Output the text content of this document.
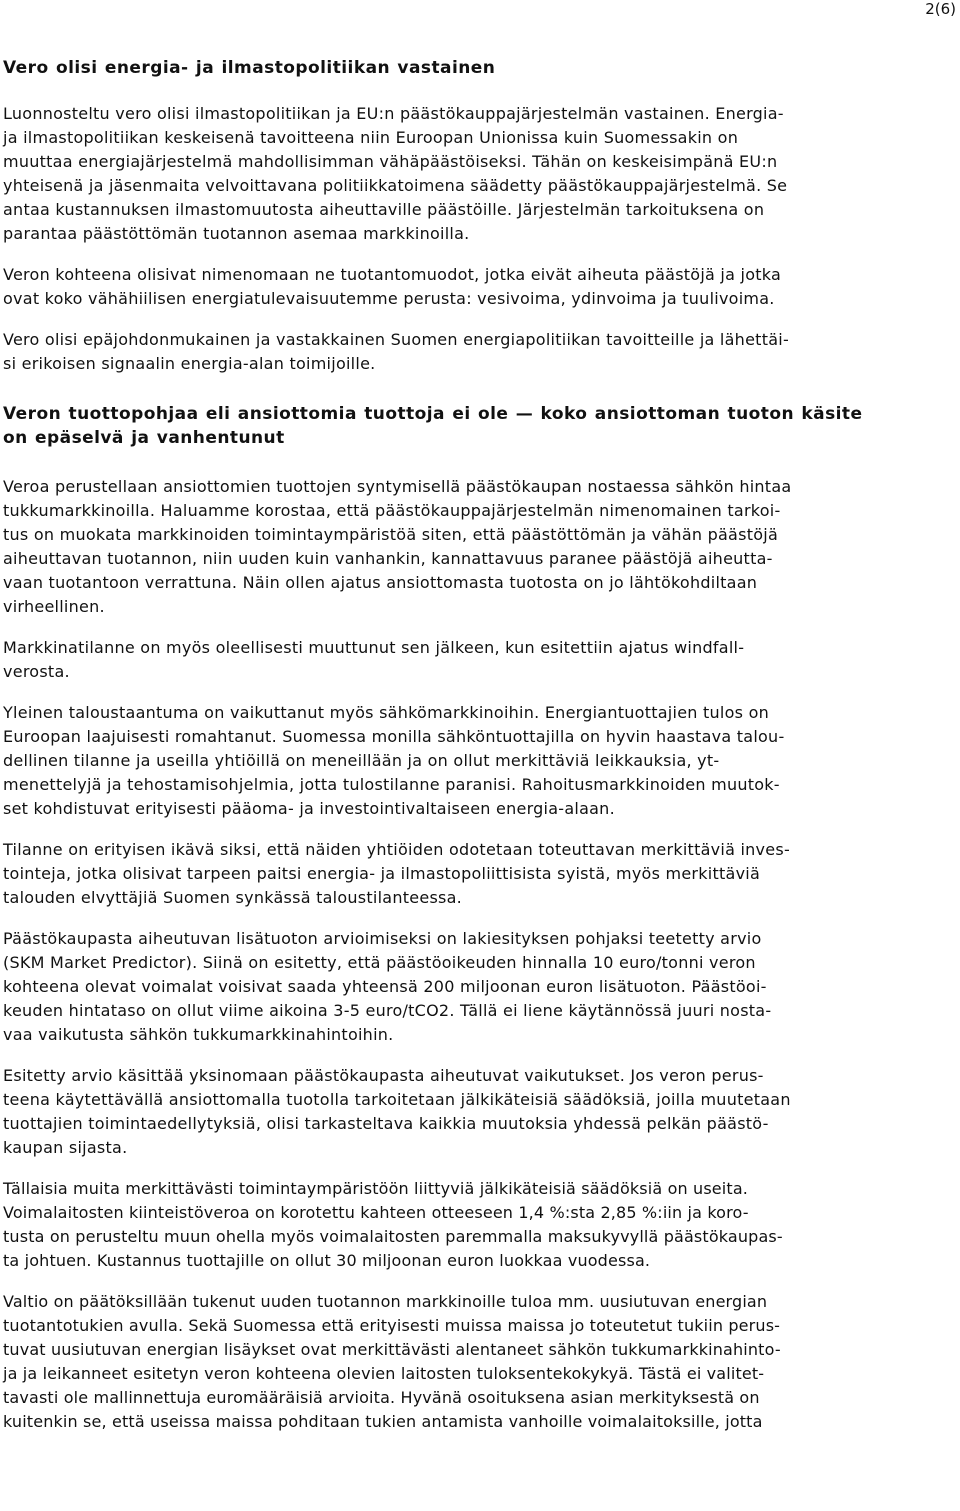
2(6)
Vero olisi energia- ja ilmastopolitiikan vastainen

Luonnosteltu vero olisi ilmastopolitiikan ja EU:n päästökauppajärjestelmän vastainen. Energia-
ja ilmastopolitiikan keskeisenä tavoitteena niin Euroopan Unionissa kuin Suomessakin on
muuttaa energiajärjestelmä mahdollisimman vähäpäästöiseksi. Tähän on keskeisimpänä EU:n
yhteisenä ja jäsenmaita velvoittavana politiikkatoimena säädetty päästökauppajärjestelmä. Se
antaa kustannuksen ilmastomuutosta aiheuttaville päästöille. Järjestelmän tarkoituksena on
parantaa päästöttömän tuotannon asemaa markkinoilla.

Veron kohteena olisivat nimenomaan ne tuotantomuodot, jotka eivät aiheuta päästöjä ja jotka
ovat koko vähähiilisen energiatulevaisuutemme perusta: vesivoima, ydinvoima ja tuulivoima.

Vero olisi epäjohdonmukainen ja vastakkainen Suomen energiapolitiikan tavoitteille ja lähettäi-
si erikoisen signaalin energia-alan toimijoille.

Veron tuottopohjaa eli ansiottomia tuottoja ei ole — koko ansiottoman tuoton käsite
on epäselvä ja vanhentunut

Veroa perustellaan ansiottomien tuottojen syntymisellä päästökaupan nostaessa sähkön hintaa
tukkumarkkinoilla. Haluamme korostaa, että päästökauppajärjestelmän nimenomainen tarkoi-
tus on muokata markkinoiden toimintaympäristöä siten, että päästöttömän ja vähän päästöjä
aiheuttavan tuotannon, niin uuden kuin vanhankin, kannattavuus paranee päästöjä aiheutta-
vaan tuotantoon verrattuna. Näin ollen ajatus ansiottomasta tuotosta on jo lähtökohdiltaan
virheellinen.

Markkinatilanne on myös oleellisesti muuttunut sen jälkeen, kun esitettiin ajatus windfall-
verosta.

Yleinen taloustaantuma on vaikuttanut myös sähkömarkkinoihin. Energiantuottajien tulos on
Euroopan laajuisesti romahtanut. Suomessa monilla sähköntuottajilla on hyvin haastava talou-
dellinen tilanne ja useilla yhtiöillä on meneillään ja on ollut merkittäviä leikkauksia, yt-
menettelyjä ja tehostamisohjelmia, jotta tulostilanne paranisi. Rahoitusmarkkinoiden muutok-
set kohdistuvat erityisesti pääoma- ja investointivaltaiseen energia-alaan.

Tilanne on erityisen ikävä siksi, että näiden yhtiöiden odotetaan toteuttavan merkittäviä inves-
tointeja, jotka olisivat tarpeen paitsi energia- ja ilmastopoliittisista syistä, myös merkittäviä
talouden elvyttäjiä Suomen synkässä taloustilanteessa.

Päästökaupasta aiheutuvan lisätuoton arvioimiseksi on lakiesityksen pohjaksi teetetty arvio
(SKM Market Predictor). Siinä on esitetty, että päästöoikeuden hinnalla 10 euro/tonni veron
kohteena olevat voimalat voisivat saada yhteensä 200 miljoonan euron lisätuoton. Päästöoi-
keuden hintataso on ollut viime aikoina 3-5 euro/tCO2. Tällä ei liene käytännössä juuri nosta-
vaa vaikutusta sähkön tukkumarkkinahintoihin.

Esitetty arvio käsittää yksinomaan päästökaupasta aiheutuvat vaikutukset. Jos veron perus-
teena käytettävällä ansiottomalla tuotolla tarkoitetaan jälkikäteisiä säädöksiä, joilla muutetaan
tuottajien toimintaedellytyksiä, olisi tarkasteltava kaikkia muutoksia yhdessä pelkän päästö-
kaupan sijasta.

Tällaisia muita merkittävästi toimintaympäristöön liittyviä jälkikäteisiä säädöksiä on useita.
Voimalaitosten kiinteistöveroa on korotettu kahteen otteeseen 1,4 %:sta 2,85 %:iin ja koro-
tusta on perusteltu muun ohella myös voimalaitosten paremmalla maksukyvyllä päästökaupas-
ta johtuen. Kustannus tuottajille on ollut 30 miljoonan euron luokkaa vuodessa.

Valtio on päätöksillään tukenut uuden tuotannon markkinoille tuloa mm. uusiutuvan energian
tuotantotukien avulla. Sekä Suomessa että erityisesti muissa maissa jo toteutetut tukiin perus-
tuvat uusiutuvan energian lisäykset ovat merkittävästi alentaneet sähkön tukkumarkkinahinto-
ja ja leikanneet esitetyn veron kohteena olevien laitosten tuloksentekokykyä. Tästä ei valitet-
tavasti ole mallinnettuja euromääräisiä arvioita. Hyvänä osoituksena asian merkityksestä on
kuitenkin se, että useissa maissa pohditaan tukien antamista vanhoille voimalaitoksille, jotta
